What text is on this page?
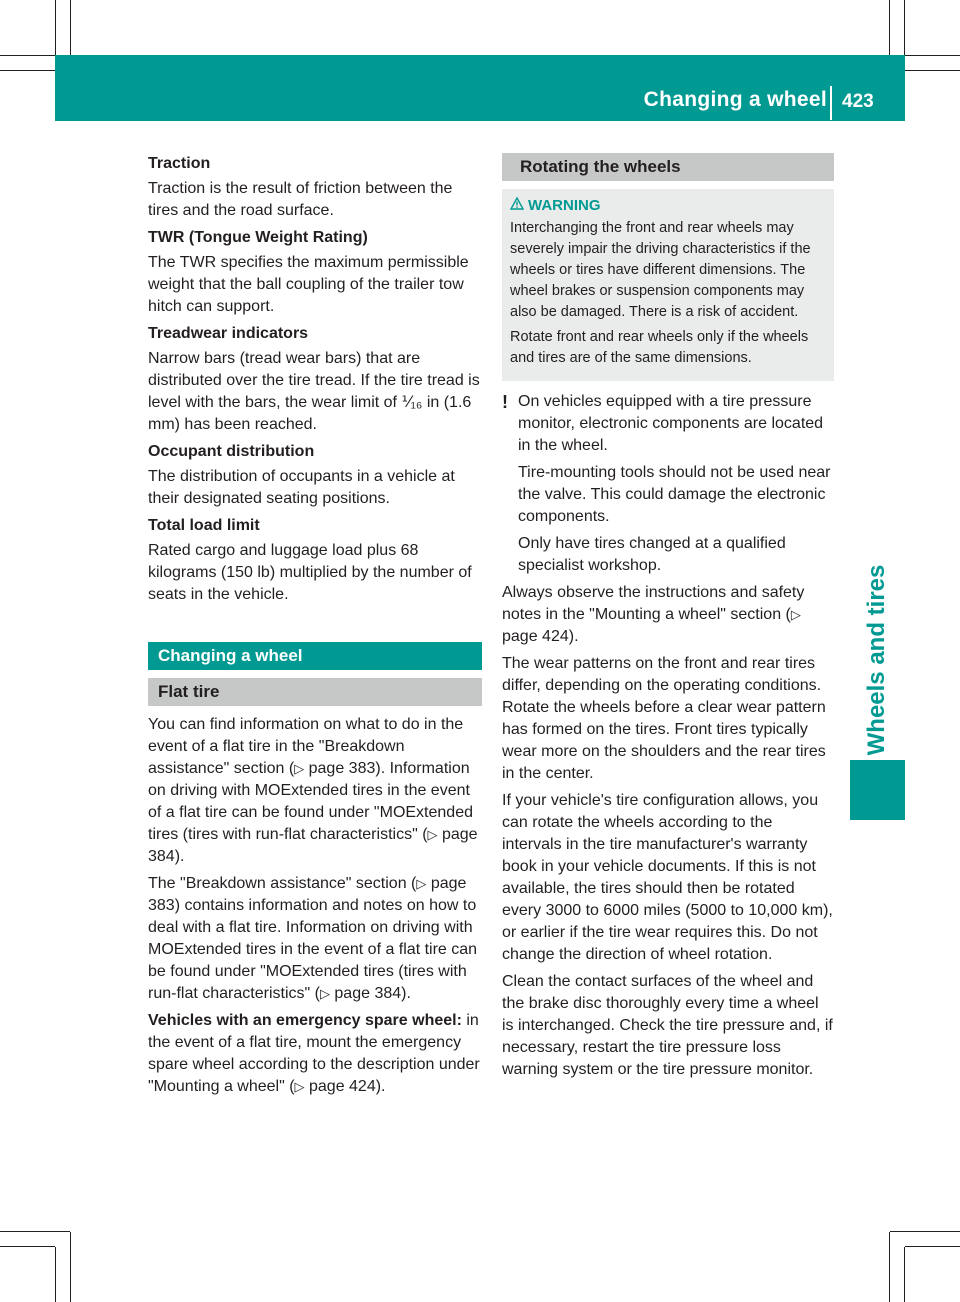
Changing a wheel 423
Wheels and tires
Traction

Traction is the result of friction between the tires and the road surface.

TWR (Tongue Weight Rating)

The TWR specifies the maximum permissible weight that the ball coupling of the trailer tow hitch can support.

Treadwear indicators

Narrow bars (tread wear bars) that are distributed over the tire tread. If the tire tread is level with the bars, the wear limit of ⅟₁₆ in (1.6 mm) has been reached.

Occupant distribution

The distribution of occupants in a vehicle at their designated seating positions.

Total load limit

Rated cargo and luggage load plus 68 kilograms (150 lb) multiplied by the number of seats in the vehicle.

Changing a wheel
Flat tire

You can find information on what to do in the event of a flat tire in the "Breakdown assistance" section (▷ page 383). Information on driving with MOExtended tires in the event of a flat tire can be found under "MOExtended tires (tires with run-flat characteristics" (▷ page 384).

The "Breakdown assistance" section (▷ page 383) contains information and notes on how to deal with a flat tire. Information on driving with MOExtended tires in the event of a flat tire can be found under "MOExtended tires (tires with run-flat characteristics" (▷ page 384).

Vehicles with an emergency spare wheel: in the event of a flat tire, mount the emergency spare wheel according to the description under "Mounting a wheel" (▷ page 424).

Rotating the wheels
WARNING

Interchanging the front and rear wheels may severely impair the driving characteristics if the wheels or tires have different dimensions. The wheel brakes or suspension components may also be damaged. There is a risk of accident.

Rotate front and rear wheels only if the wheels and tires are of the same dimensions.

! On vehicles equipped with a tire pressure monitor, electronic components are located in the wheel.

Tire-mounting tools should not be used near the valve. This could damage the electronic components.

Only have tires changed at a qualified specialist workshop.

Always observe the instructions and safety notes in the "Mounting a wheel" section (▷ page 424).

The wear patterns on the front and rear tires differ, depending on the operating conditions. Rotate the wheels before a clear wear pattern has formed on the tires. Front tires typically wear more on the shoulders and the rear tires in the center.

If your vehicle's tire configuration allows, you can rotate the wheels according to the intervals in the tire manufacturer's warranty book in your vehicle documents. If this is not available, the tires should then be rotated every 3000 to 6000 miles (5000 to 10,000 km), or earlier if the tire wear requires this. Do not change the direction of wheel rotation.

Clean the contact surfaces of the wheel and the brake disc thoroughly every time a wheel is interchanged. Check the tire pressure and, if necessary, restart the tire pressure loss warning system or the tire pressure monitor.
